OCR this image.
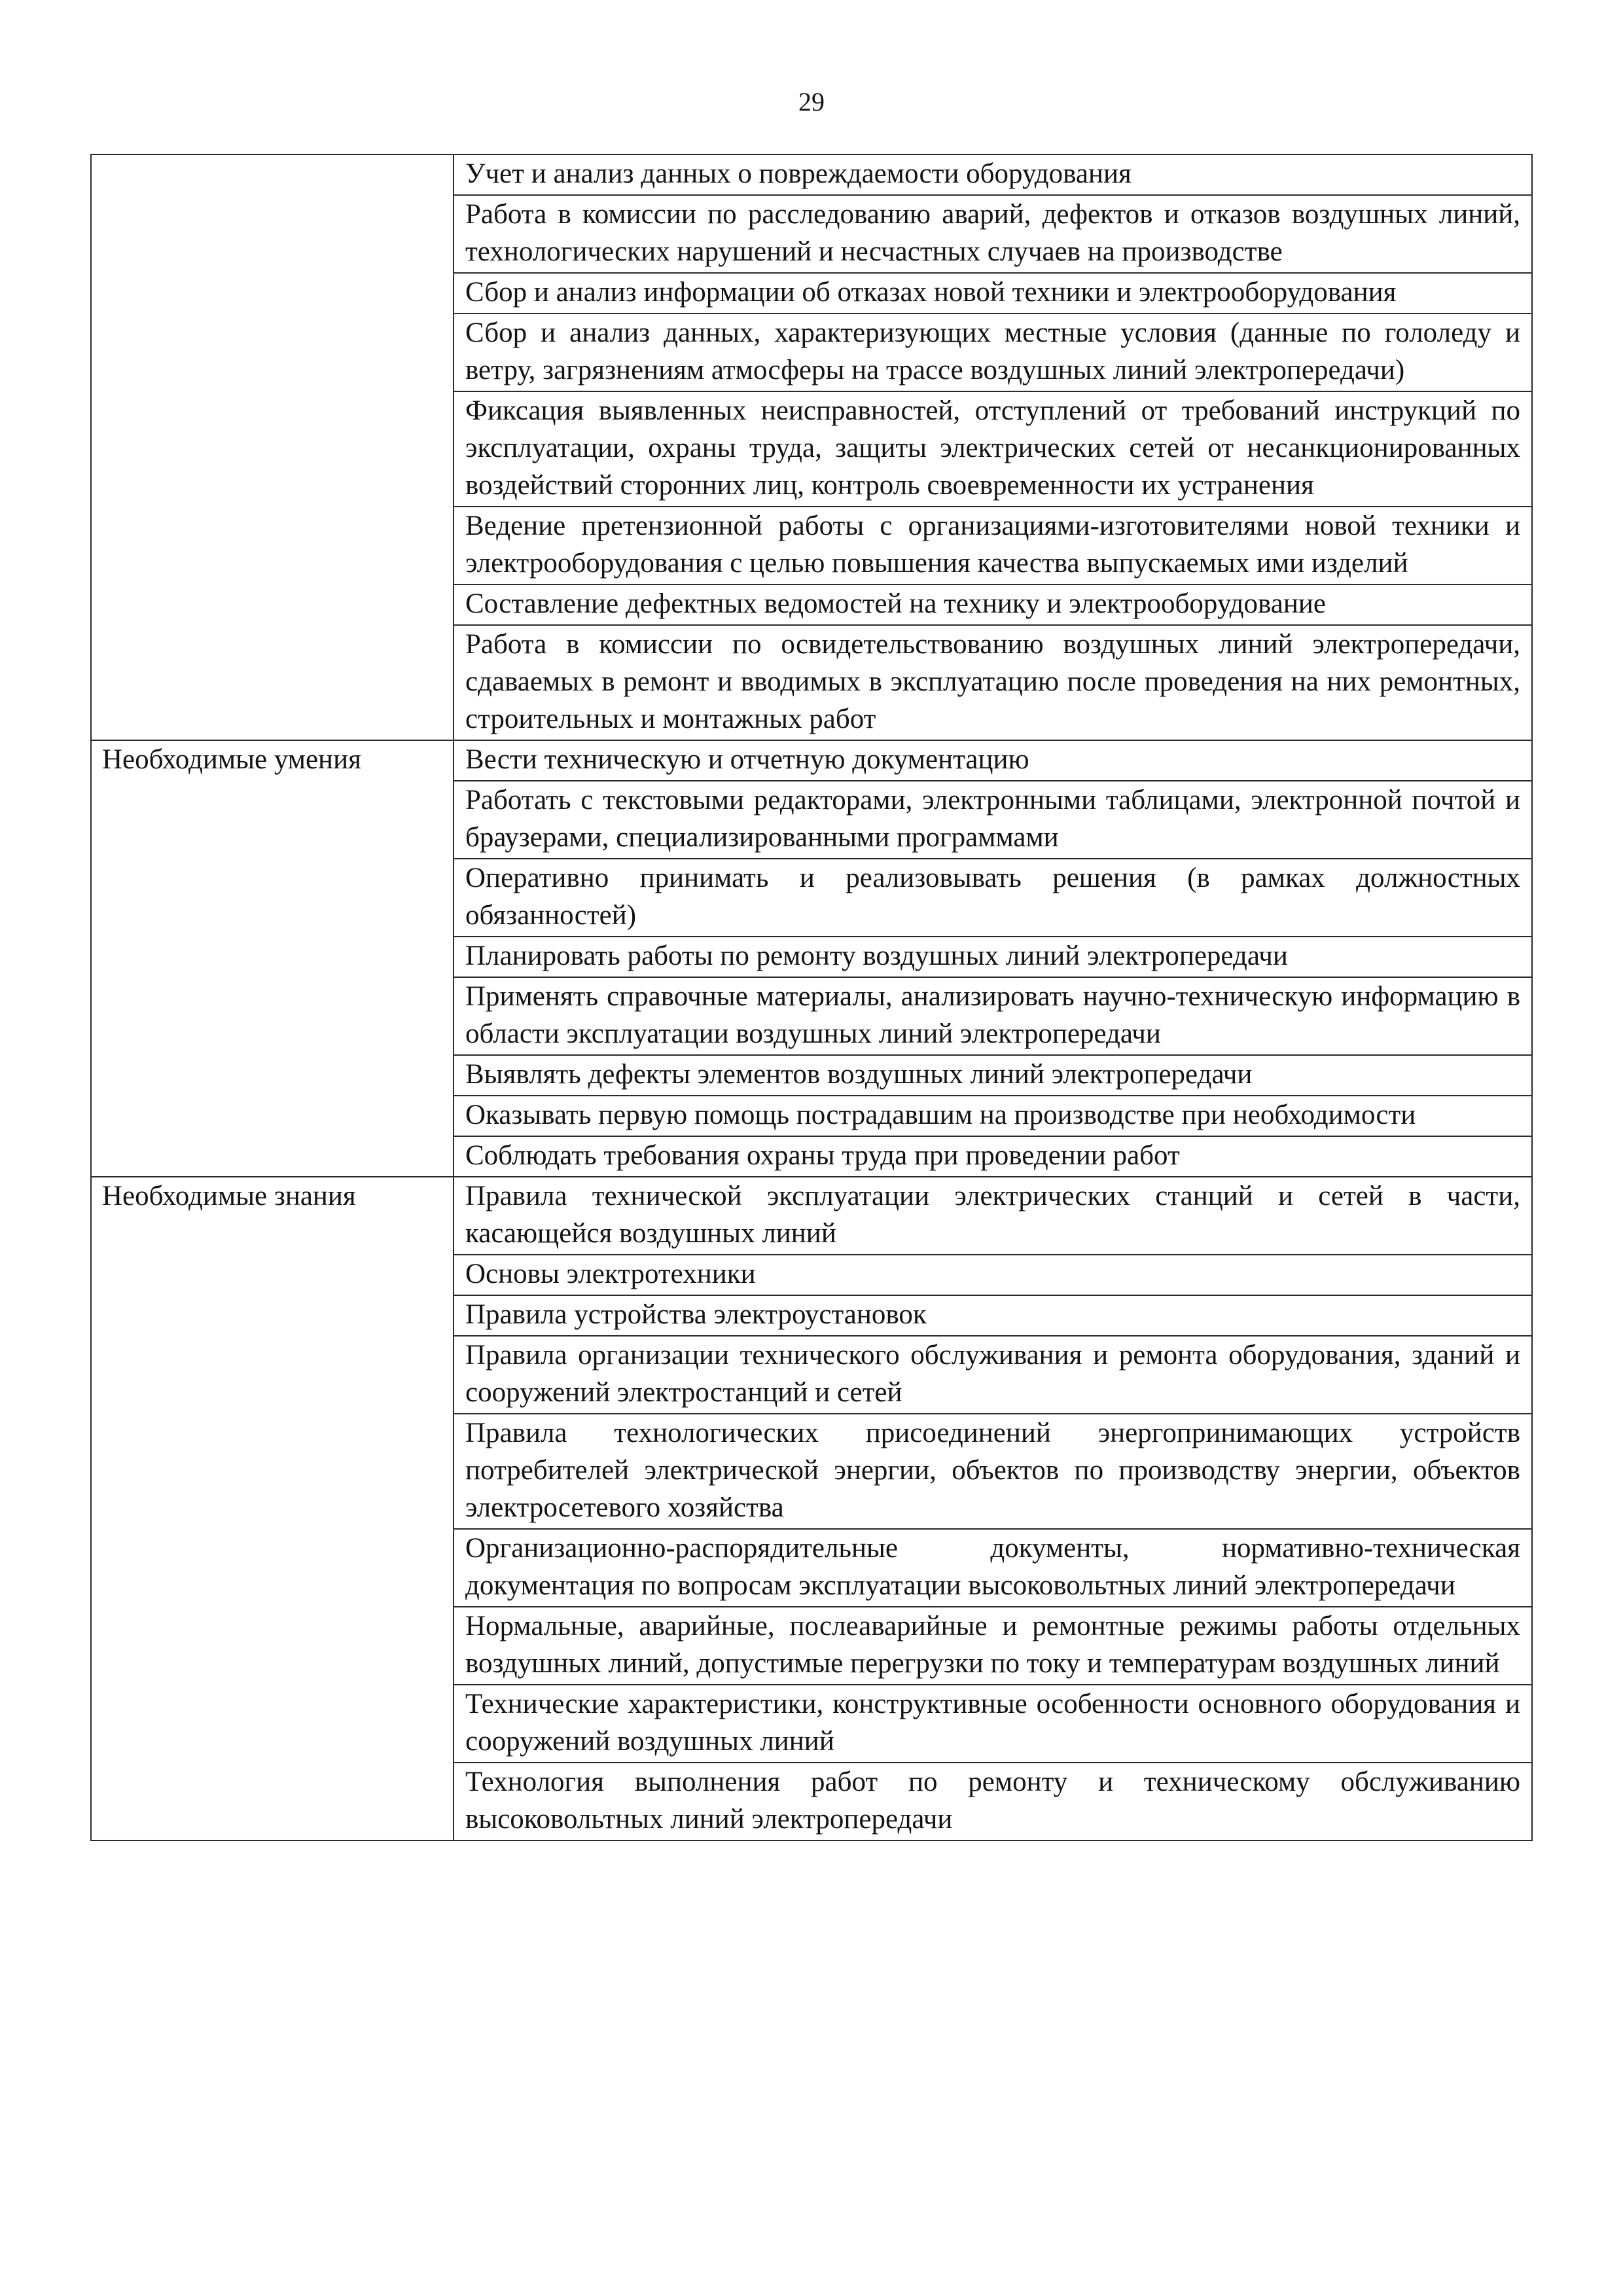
29
	Учет и анализ данных о повреждаемости оборудования
	Работа в комиссии по расследованию аварий, дефектов и отказов воздушных линий, технологических нарушений и несчастных случаев на производстве
	Сбор и анализ информации об отказах новой техники и электрооборудования
	Сбор и анализ данных, характеризующих местные условия (данные по гололеду и ветру, загрязнениям атмосферы на трассе воздушных линий электропередачи)
	Фиксация выявленных неисправностей, отступлений от требований инструкций по эксплуатации, охраны труда, защиты электрических сетей от несанкционированных воздействий сторонних лиц, контроль своевременности их устранения
	Ведение претензионной работы с организациями-изготовителями новой техники и электрооборудования с целью повышения качества выпускаемых ими изделий
	Составление дефектных ведомостей на технику и электрооборудование
	Работа в комиссии по освидетельствованию воздушных линий электропередачи, сдаваемых в ремонт и вводимых в эксплуатацию после проведения на них ремонтных, строительных и монтажных работ
Необходимые умения	Вести техническую и отчетную документацию
	Работать с текстовыми редакторами, электронными таблицами, электронной почтой и браузерами, специализированными программами
	Оперативно принимать и реализовывать решения (в рамках должностных обязанностей)
	Планировать работы по ремонту воздушных линий электропередачи
	Применять справочные материалы, анализировать научно-техническую информацию в области эксплуатации воздушных линий электропередачи
	Выявлять дефекты элементов воздушных линий электропередачи
	Оказывать первую помощь пострадавшим на производстве при необходимости
	Соблюдать требования охраны труда при проведении работ
Необходимые знания	Правила технической эксплуатации электрических станций и сетей в части, касающейся воздушных линий
	Основы электротехники
	Правила устройства электроустановок
	Правила организации технического обслуживания и ремонта оборудования, зданий и сооружений электростанций и сетей
	Правила технологических присоединений энергопринимающих устройств потребителей электрической энергии, объектов по производству энергии, объектов электросетевого хозяйства
	Организационно-распорядительные документы, нормативно-техническая документация по вопросам эксплуатации высоковольтных линий электропередачи
	Нормальные, аварийные, послеаварийные и ремонтные режимы работы отдельных воздушных линий, допустимые перегрузки по току и температурам воздушных линий
	Технические характеристики, конструктивные особенности основного оборудования и сооружений воздушных линий
	Технология выполнения работ по ремонту и техническому обслуживанию высоковольтных линий электропередачи
